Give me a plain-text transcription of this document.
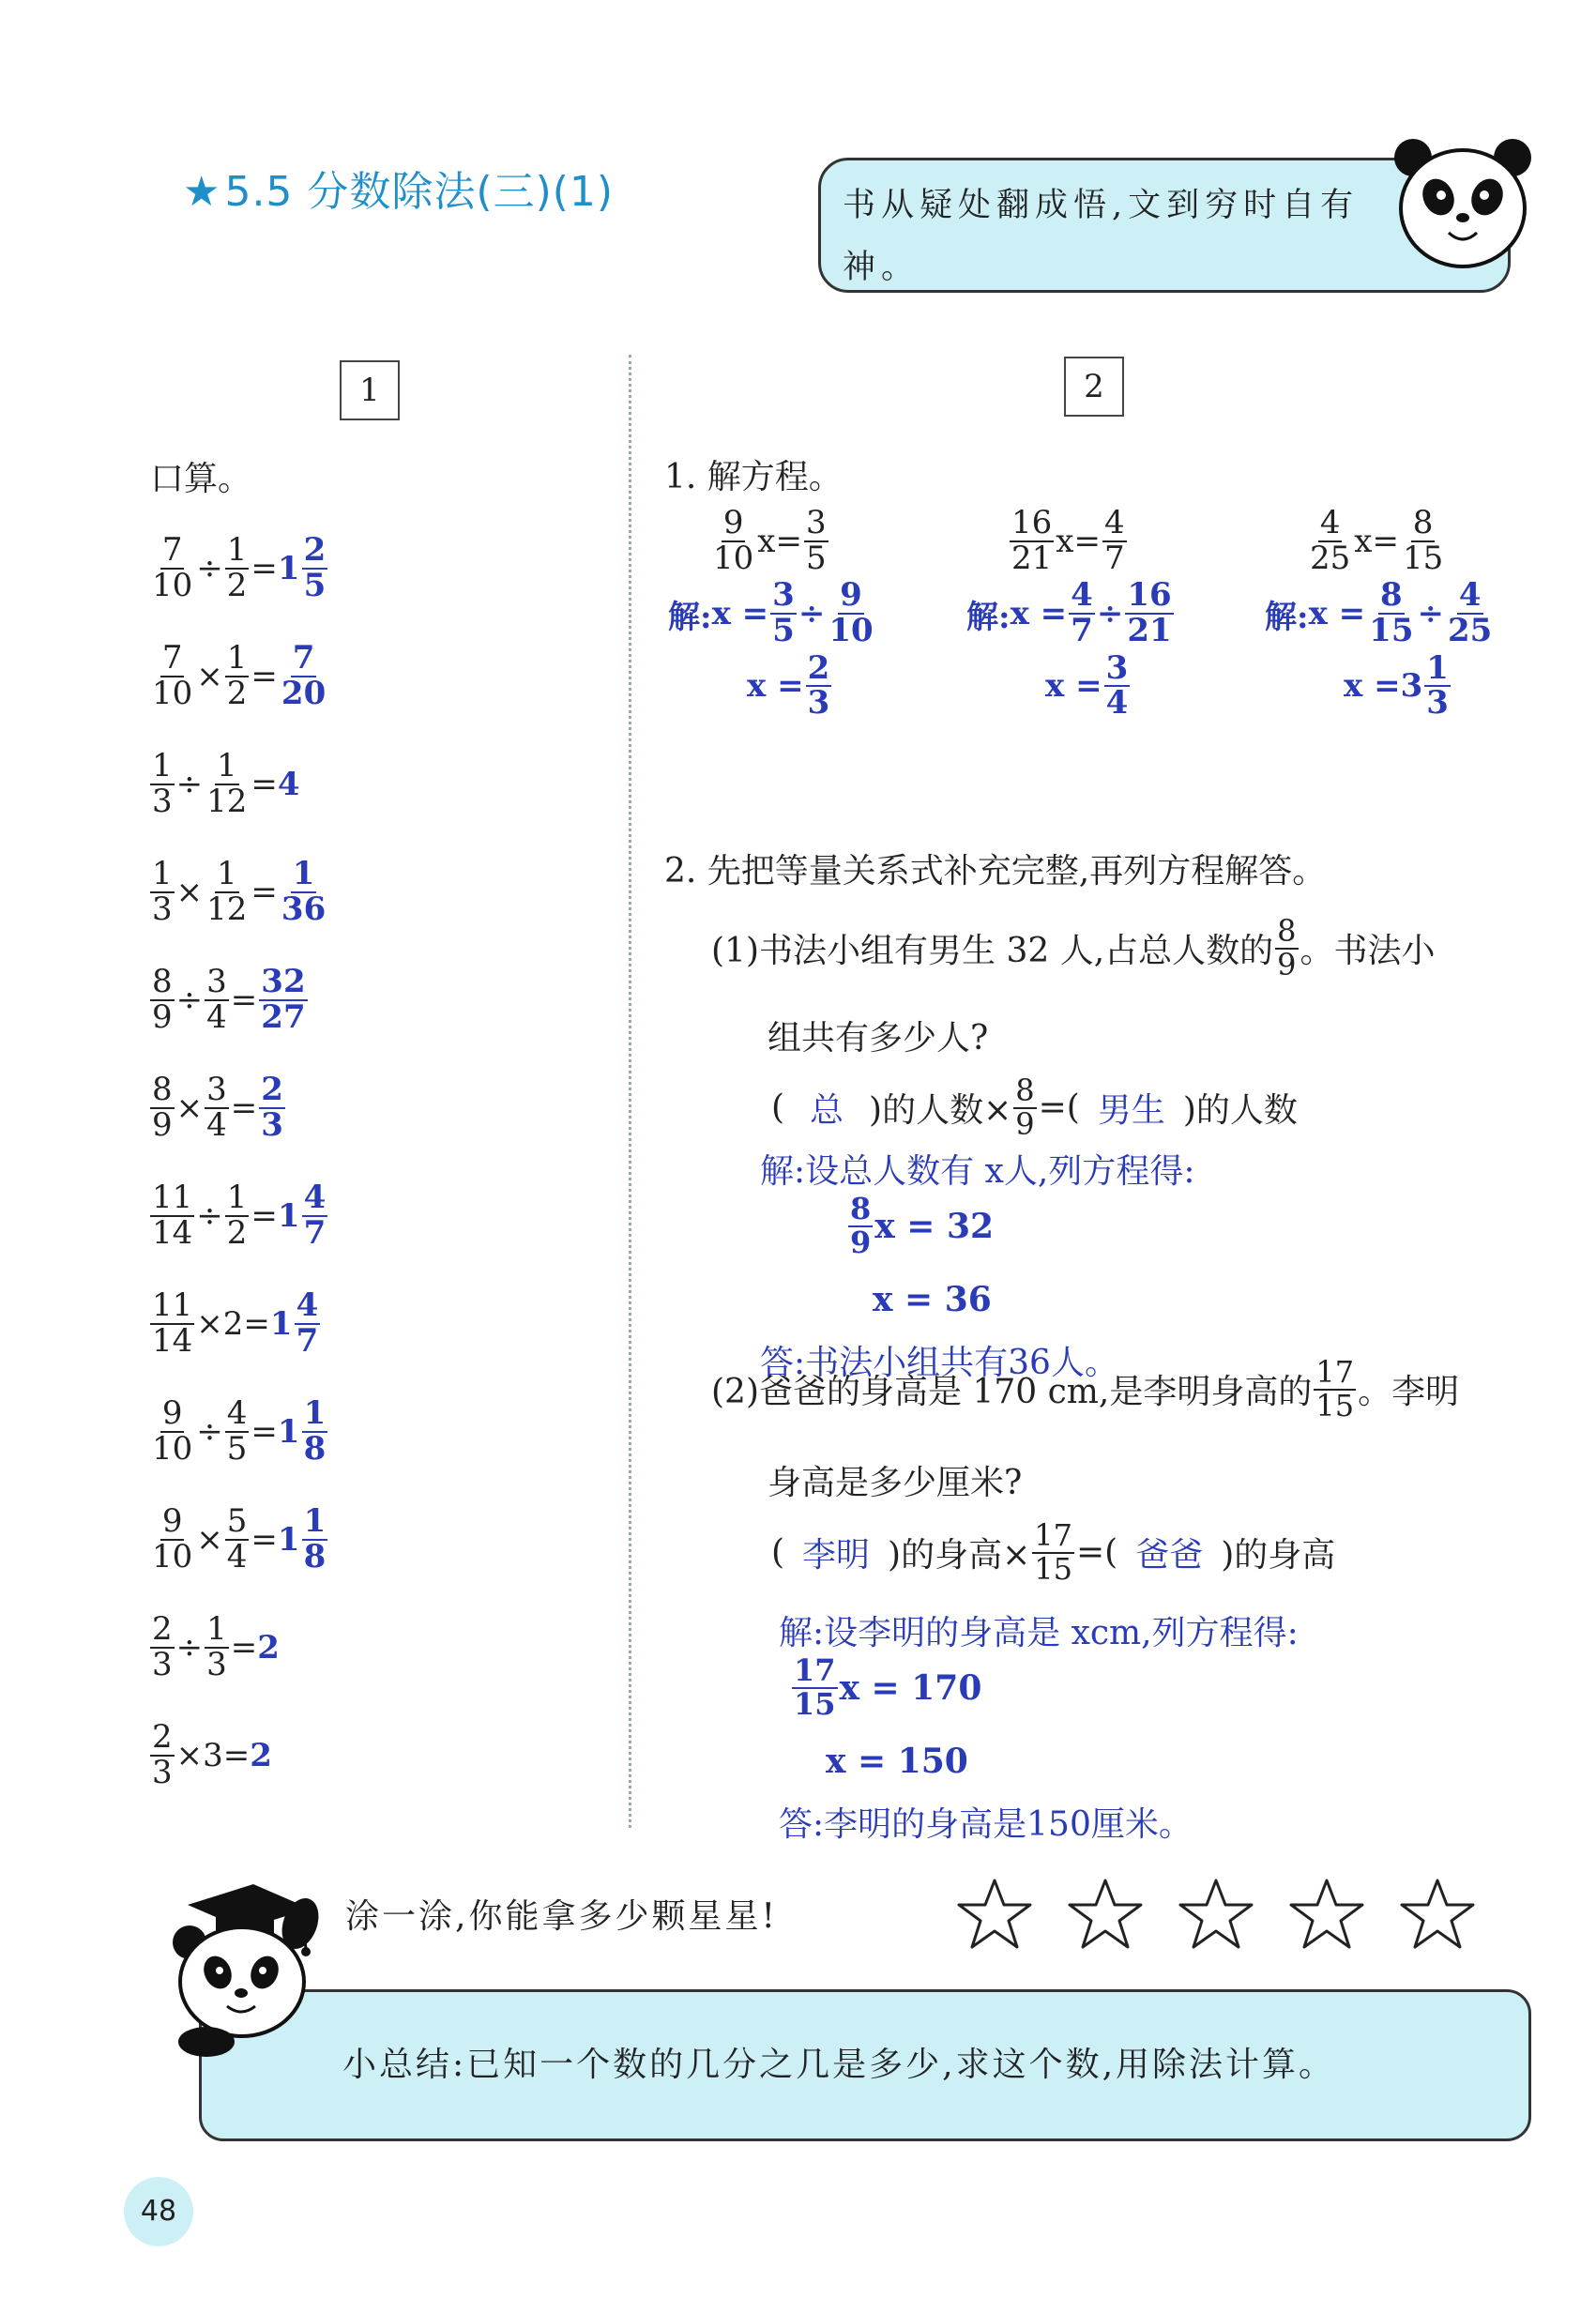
★5.5 分数除法(三)(1)	书从疑处翻成悟,文到穷时自有神。
1
口算。
$\frac{7}{10} \div \frac{1}{2} = 1 \frac{2}{5}$
$\frac{7}{10} \times \frac{1}{2} = \frac{7}{20}$
$\frac{1}{3} \div \frac{1}{12} = 4$
$\frac{1}{3} \times \frac{1}{12} = \frac{1}{36}$
$\frac{8}{9} \div \frac{3}{4} = \frac{32}{27}$
$\frac{8}{9} \times \frac{3}{4} = \frac{2}{3}$
$\frac{11}{14} \div \frac{1}{2} = 1 \frac{4}{7}$
$\frac{11}{14} \times 2 = 1 \frac{4}{7}$
$\frac{9}{10} \div \frac{4}{5} = 1 \frac{1}{8}$
$\frac{9}{10} \times \frac{5}{4} = 1 \frac{1}{8}$
$\frac{2}{3} \div \frac{1}{3} = 2$
$\frac{2}{3} \times 3 = 2$
2
1. 解方程。
$\frac{9}{10}$ $x = \frac{3}{5}$
解: $x = \frac{3}{5} \div \frac{9}{10}$
$x = \frac{2}{3}$
$\frac{16}{21}$ $x = \frac{4}{7}$
解: $x = \frac{4}{7} \div \frac{16}{21}$
$x = \frac{3}{4}$
$\frac{4}{25}$ $x = \frac{8}{15}$
解: $x = \frac{8}{15} \div \frac{4}{25}$
$x = 3 \frac{1}{3}$
2. 先把等量关系式补充完整,再列方程解答。
(1)书法小组有男生 32 人,占总人数的 $\frac{8}{9}$ 。书法小
组共有多少人?
( 总 )的人数× $\frac{8}{9}$ =( 男生 )的人数
解:设总人数有 x人,列方程得:
$\frac{8}{9}$ x = 32
x = 36
答:书法小组共有36人。
(2)爸爸的身高是 170 cm,是李明身高的 $\frac{17}{15}$ 。李明
身高是多少厘米?
( 李明 )的身高× $\frac{17}{15}$ =( 爸爸 )的身高
解:设李明的身高是 xcm,列方程得:
$\frac{17}{15}$ x = 170
x = 150
答:李明的身高是150厘米。
涂一涂,你能拿多少颗星星!
小总结:已知一个数的几分之几是多少,求这个数,用除法计算。
48
